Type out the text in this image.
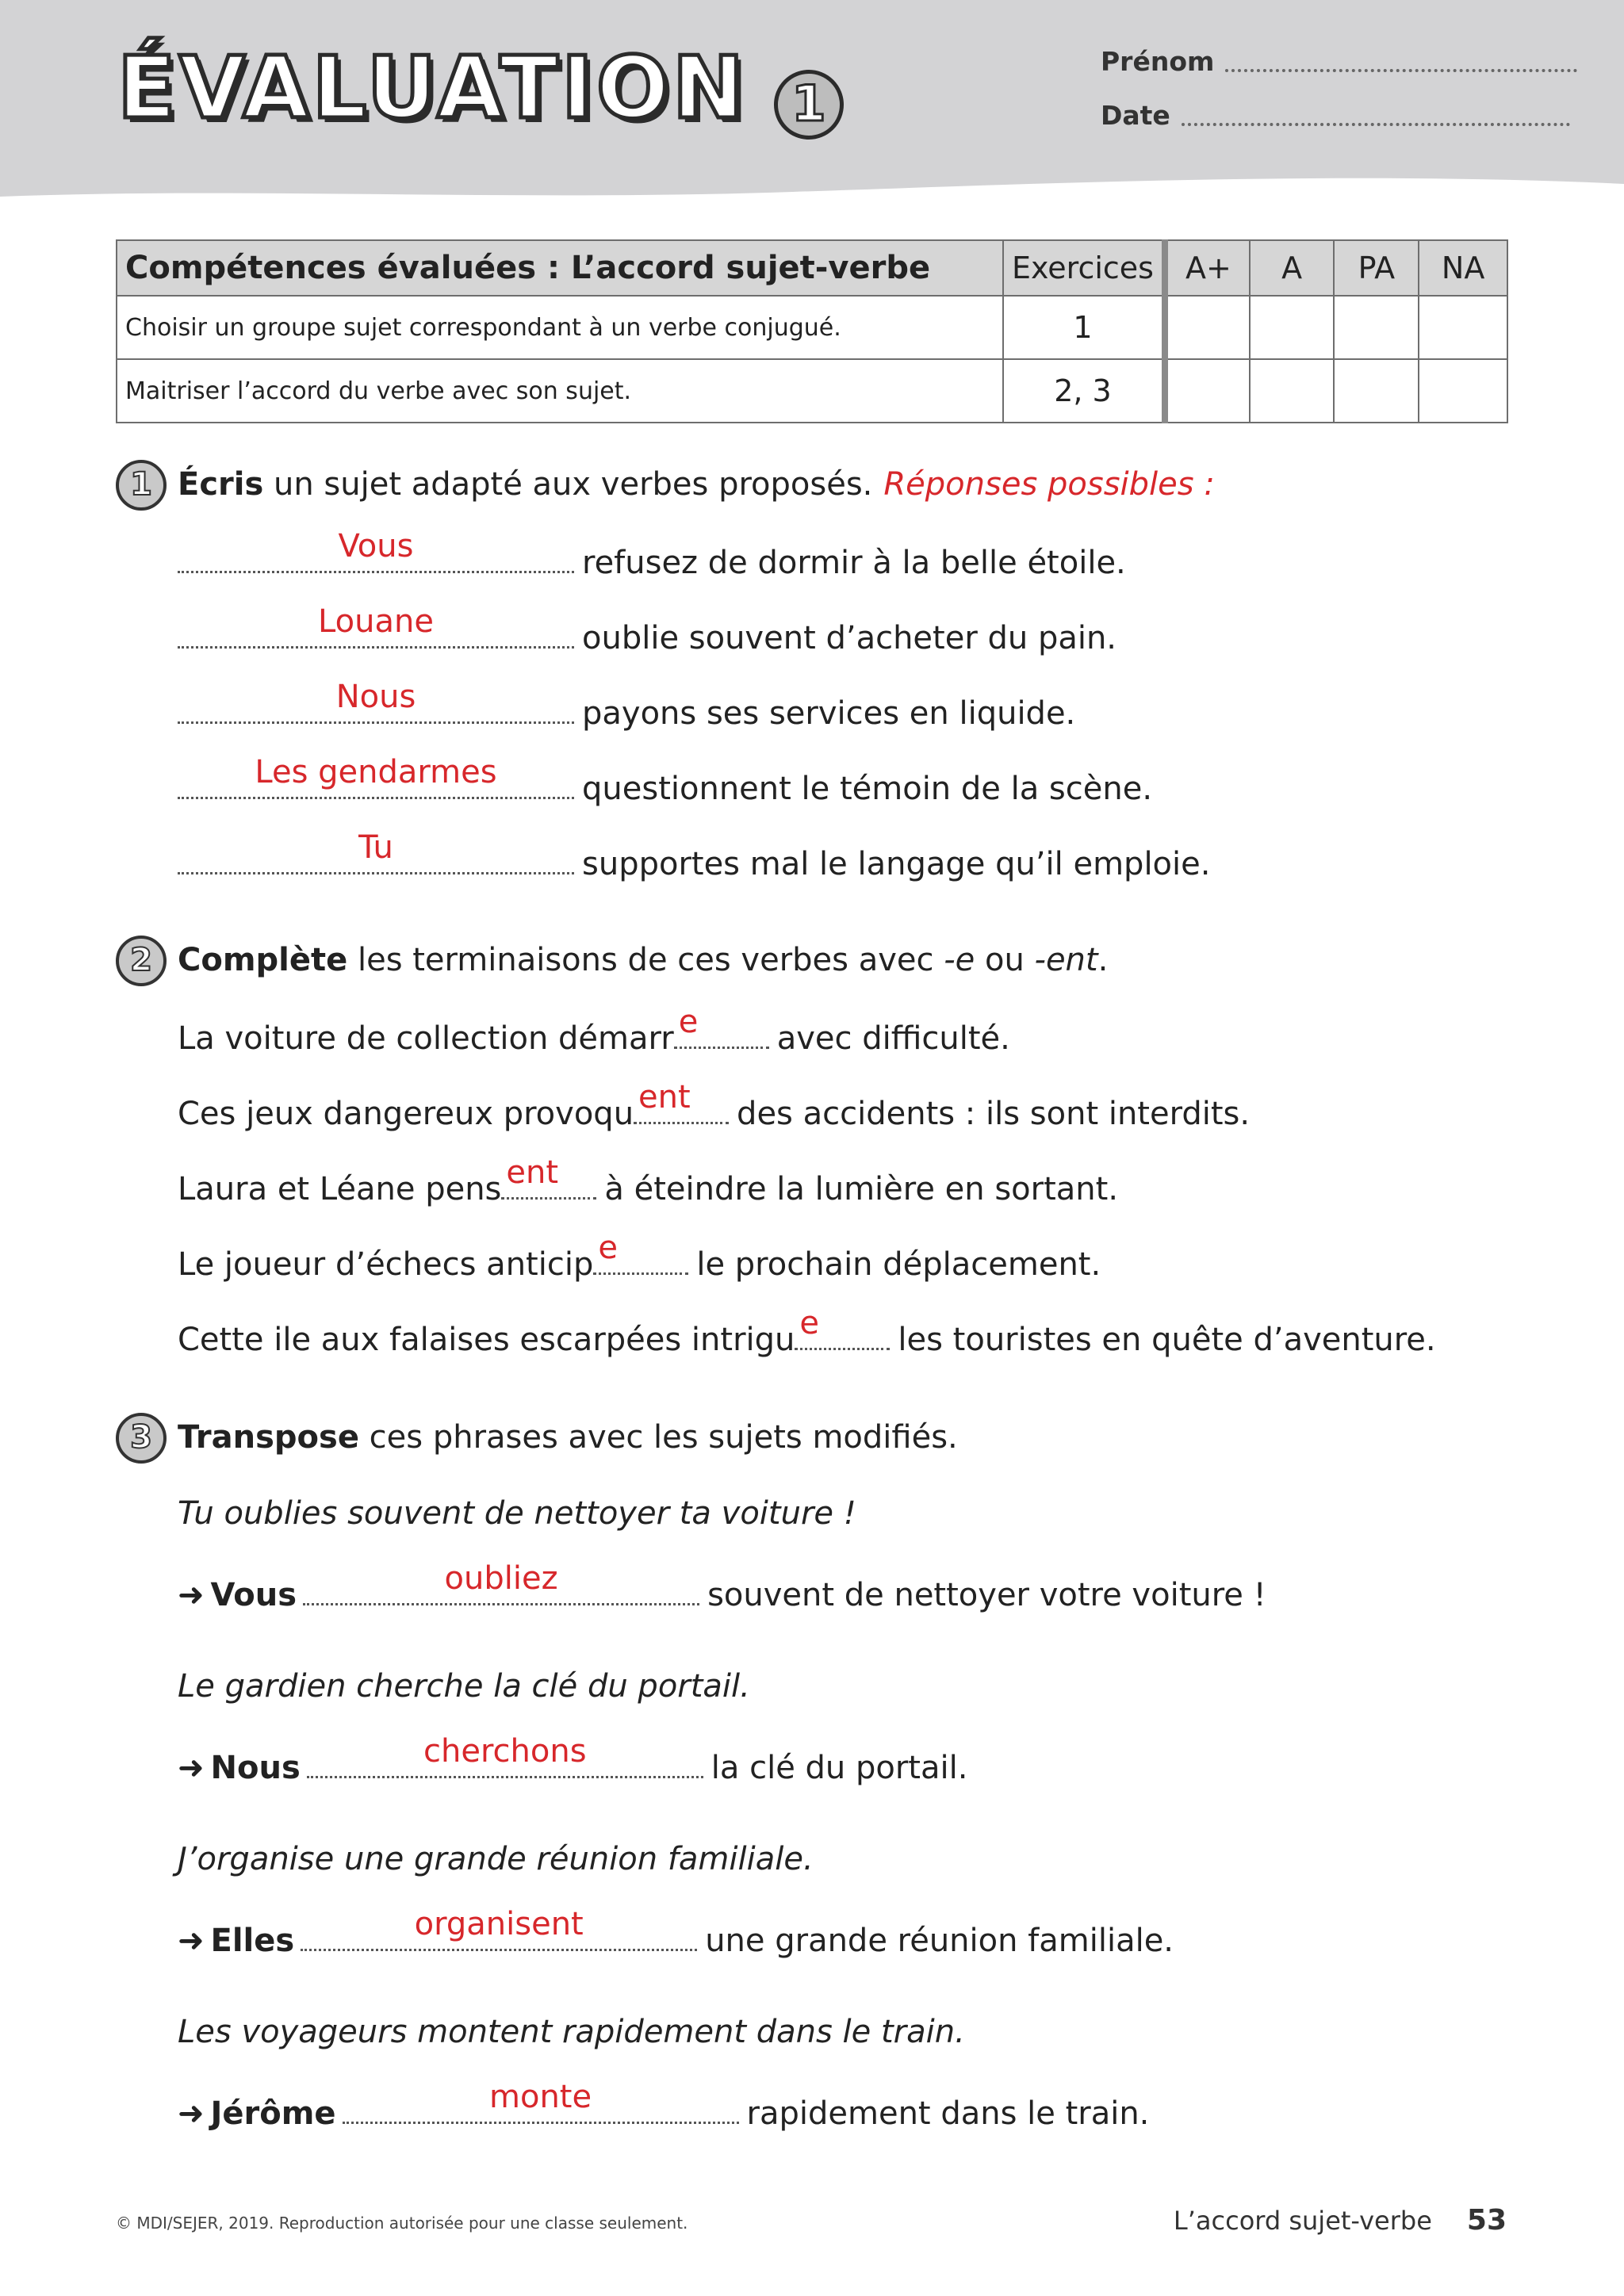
ÉVALUATION 1
Prénom
Date
Compétences évaluées : L’accord sujet-verbe	Exercices	A+	A	PA	NA
Choisir un groupe sujet correspondant à un verbe conjugué.	1				
Maitriser l’accord du verbe avec son sujet.	2, 3				
1 Écris un sujet adapté aux verbes proposés. Réponses possibles :
Vous	refusez de dormir à la belle étoile.
Louane	oublie souvent d’acheter du pain.
Nous	payons ses services en liquide.
Les gendarmes	questionnent le témoin de la scène.
Tu	supportes mal le langage qu’il emploie.
2 Complète les terminaisons de ces verbes avec -e ou -ent.
La voiture de collection démarr e	avec difficulté.
Ces jeux dangereux provoqu ent	des accidents : ils sont interdits.
Laura et Léane pens ent	à éteindre la lumière en sortant.
Le joueur d’échecs anticip e	le prochain déplacement.
Cette ile aux falaises escarpées intrigu e	les touristes en quête d’aventure.
3 Transpose ces phrases avec les sujets modifiés.
Tu oublies souvent de nettoyer ta voiture !
➜ Vous	oubliez	souvent de nettoyer votre voiture !
Le gardien cherche la clé du portail.
➜ Nous	cherchons	la clé du portail.
J’organise une grande réunion familiale.
➜ Elles	organisent	une grande réunion familiale.
Les voyageurs montent rapidement dans le train.
➜ Jérôme	monte	rapidement dans le train.
© MDI/SEJER, 2019. Reproduction autorisée pour une classe seulement.	L’accord sujet-verbe 53
